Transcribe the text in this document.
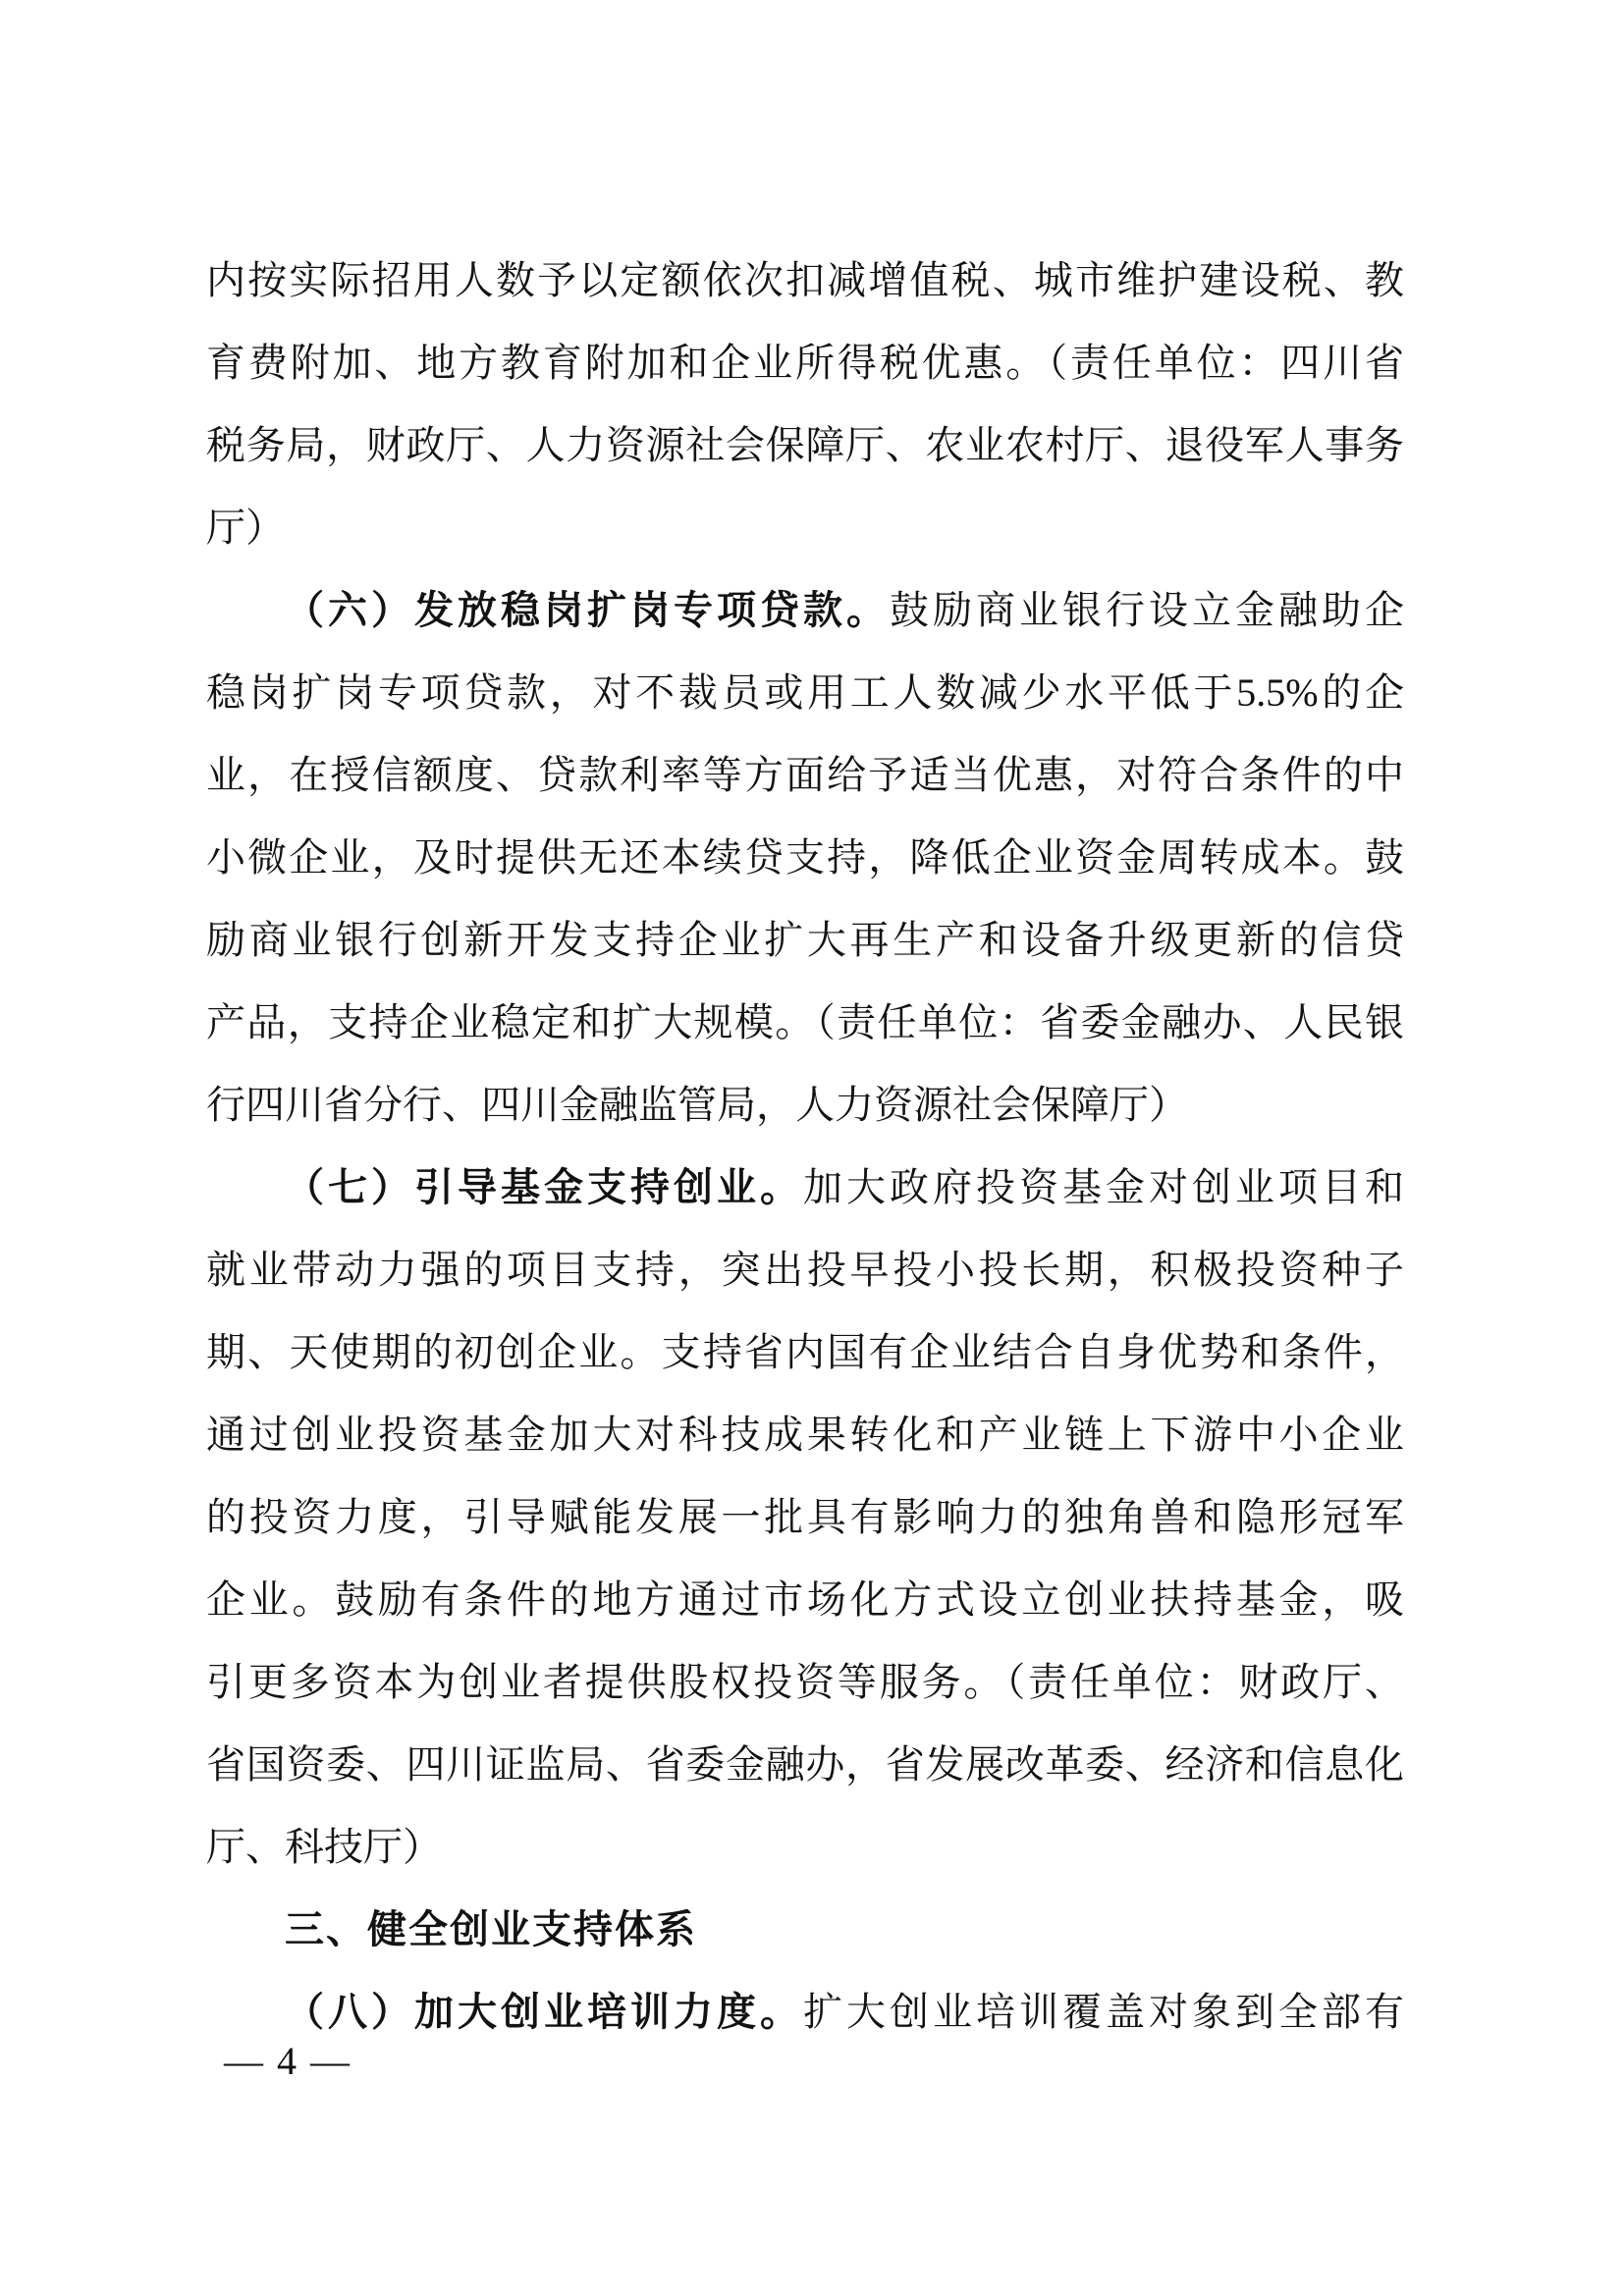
内按实际招用人数予以定额依次扣减增值税、城市维护建设税、教
育费附加、地方教育附加和企业所得税优惠。（责任单位：四川省
税务局，财政厅、人力资源社会保障厅、农业农村厅、退役军人事务
厅）
（六）发放稳岗扩岗专项贷款。鼓励商业银行设立金融助企
稳岗扩岗专项贷款，对不裁员或用工人数减少水平低于5.5%的企
业，在授信额度、贷款利率等方面给予适当优惠，对符合条件的中
小微企业，及时提供无还本续贷支持，降低企业资金周转成本。鼓
励商业银行创新开发支持企业扩大再生产和设备升级更新的信贷
产品，支持企业稳定和扩大规模。（责任单位：省委金融办、人民银
行四川省分行、四川金融监管局，人力资源社会保障厅）
（七）引导基金支持创业。加大政府投资基金对创业项目和
就业带动力强的项目支持，突出投早投小投长期，积极投资种子
期、天使期的初创企业。支持省内国有企业结合自身优势和条件，
通过创业投资基金加大对科技成果转化和产业链上下游中小企业
的投资力度，引导赋能发展一批具有影响力的独角兽和隐形冠军
企业。鼓励有条件的地方通过市场化方式设立创业扶持基金，吸
引更多资本为创业者提供股权投资等服务。（责任单位：财政厅、
省国资委、四川证监局、省委金融办，省发展改革委、经济和信息化
厅、科技厅）
三、健全创业支持体系
（八）加大创业培训力度。扩大创业培训覆盖对象到全部有
— 4 —
